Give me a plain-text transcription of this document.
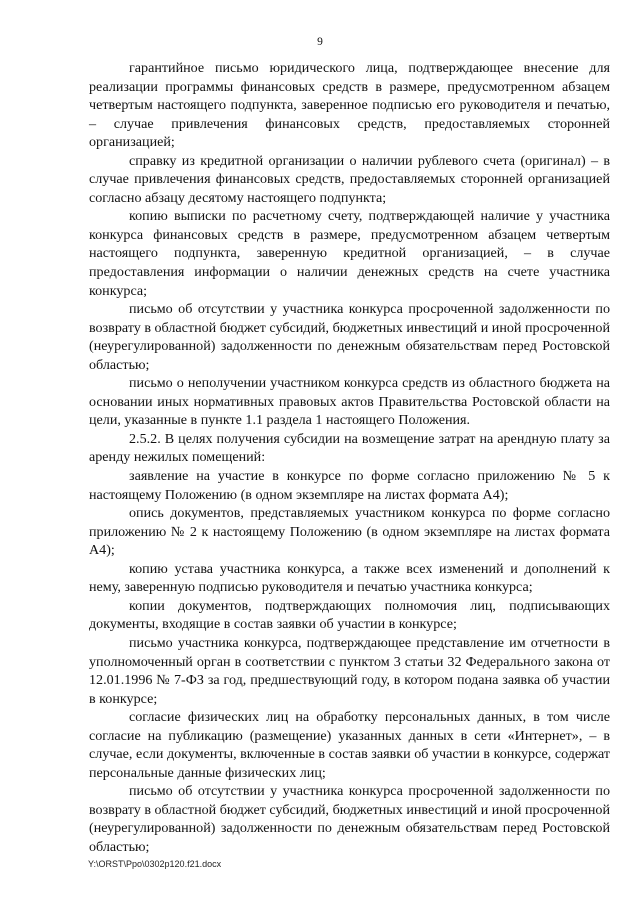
9

гарантийное письмо юридического лица, подтверждающее внесение для реализации программы финансовых средств в размере, предусмотренном абзацем четвертым настоящего подпункта, заверенное подписью его руководителя и печатью, – случае привлечения финансовых средств, предоставляемых сторонней организацией;

справку из кредитной организации о наличии рублевого счета (оригинал) – в случае привлечения финансовых средств, предоставляемых сторонней организацией согласно абзацу десятому настоящего подпункта;

копию выписки по расчетному счету, подтверждающей наличие у участника конкурса финансовых средств в размере, предусмотренном абзацем четвертым настоящего подпункта, заверенную кредитной организацией, – в случае предоставления информации о наличии денежных средств на счете участника конкурса;

письмо об отсутствии у участника конкурса просроченной задолженности по возврату в областной бюджет субсидий, бюджетных инвестиций и иной просроченной (неурегулированной) задолженности по денежным обязательствам перед Ростовской областью;

письмо о неполучении участником конкурса средств из областного бюджета на основании иных нормативных правовых актов Правительства Ростовской области на цели, указанные в пункте 1.1 раздела 1 настоящего Положения.

2.5.2. В целях получения субсидии на возмещение затрат на арендную плату за аренду нежилых помещений:

заявление на участие в конкурсе по форме согласно приложению № 5 к настоящему Положению (в одном экземпляре на листах формата А4);

опись документов, представляемых участником конкурса по форме согласно приложению № 2 к настоящему Положению (в одном экземпляре на листах формата А4);

копию устава участника конкурса, а также всех изменений и дополнений к нему, заверенную подписью руководителя и печатью участника конкурса;

копии документов, подтверждающих полномочия лиц, подписывающих документы, входящие в состав заявки об участии в конкурсе;

письмо участника конкурса, подтверждающее представление им отчетности в уполномоченный орган в соответствии с пунктом 3 статьи 32 Федерального закона от 12.01.1996 № 7-ФЗ за год, предшествующий году, в котором подана заявка об участии в конкурсе;

согласие физических лиц на обработку персональных данных, в том числе согласие на публикацию (размещение) указанных данных в сети «Интернет», – в случае, если документы, включенные в состав заявки об участии в конкурсе, содержат персональные данные физических лиц;

письмо об отсутствии у участника конкурса просроченной задолженности по возврату в областной бюджет субсидий, бюджетных инвестиций и иной просроченной (неурегулированной) задолженности по денежным обязательствам перед Ростовской областью;

Y:\ORST\Ppo\0302p120.f21.docx
